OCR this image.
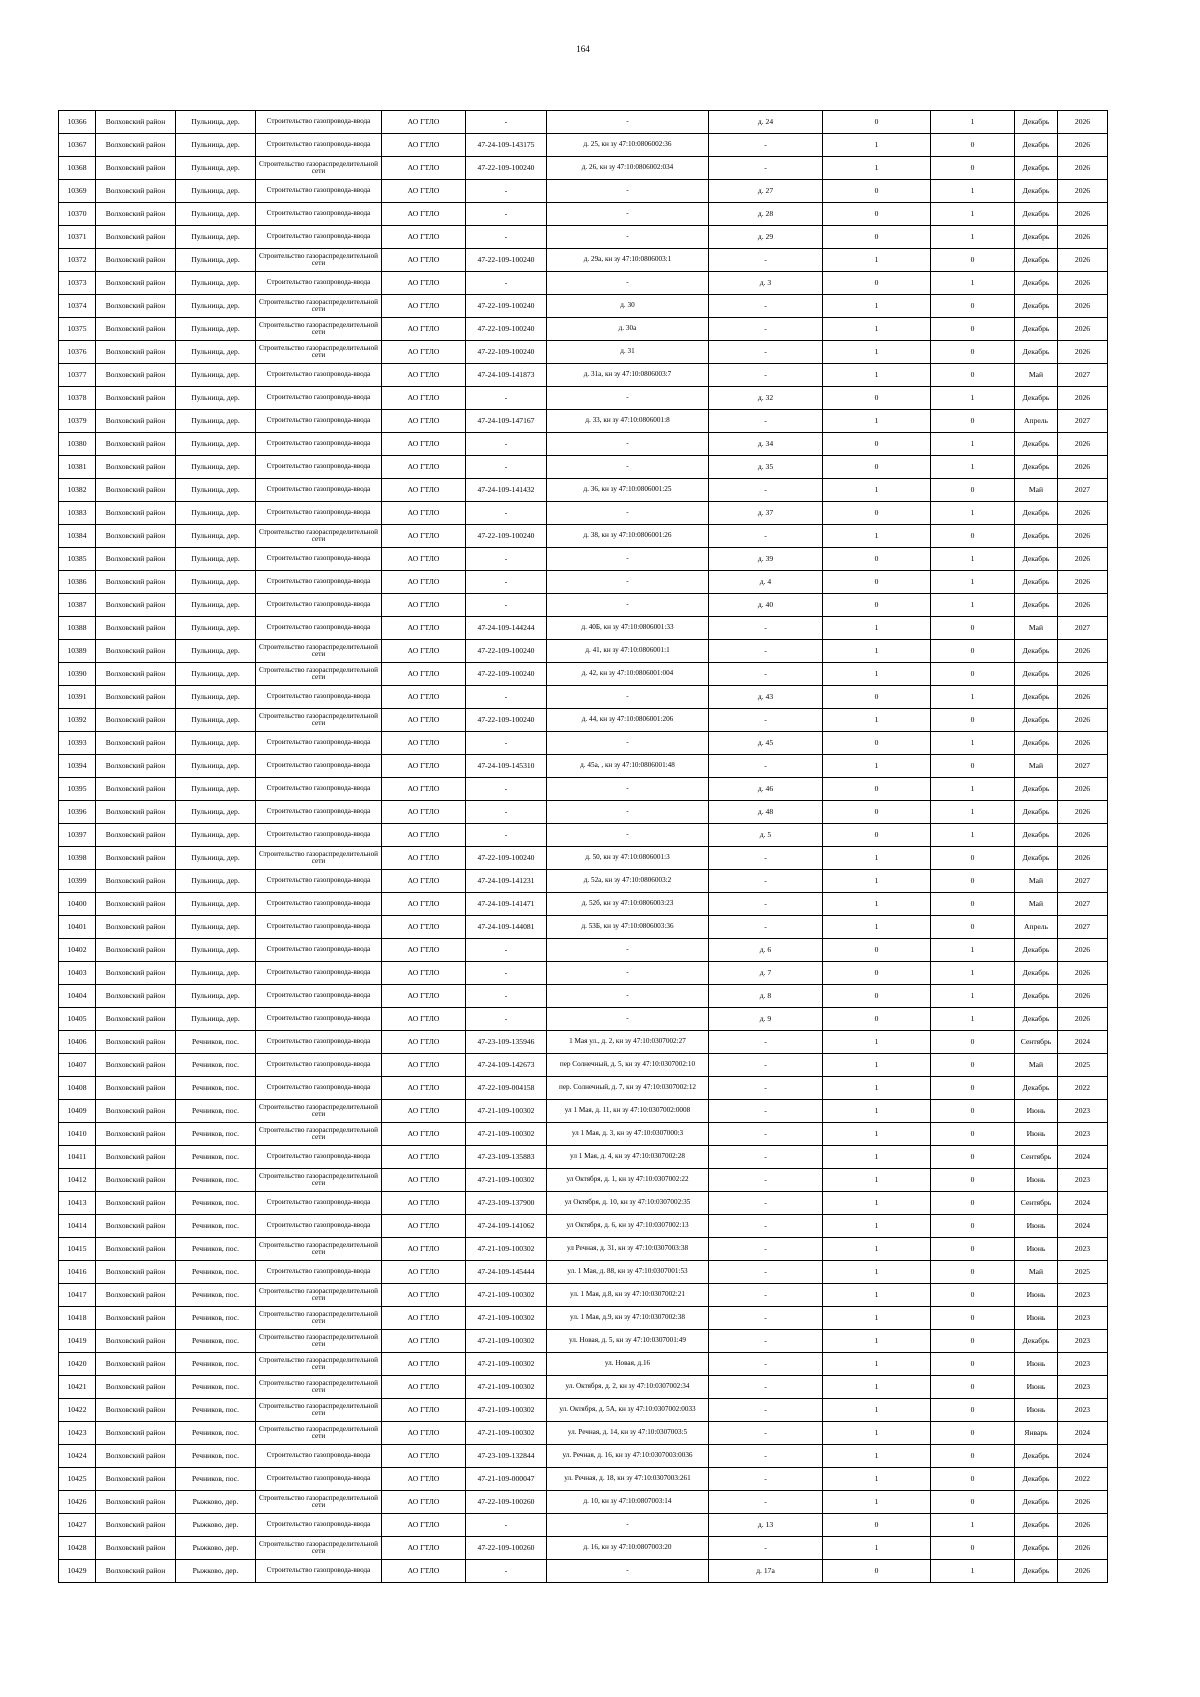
164
10366	Волховский район	Пульница, дер.	Строительство газопровода-ввода	АО ГТЛО	-	-	д. 24	0	1	Декабрь	2026
10367	Волховский район	Пульница, дер.	Строительство газопровода-ввода	АО ГТЛО	47-24-109-143175	д. 25, кн зу 47:10:0806002:36	-	1	0	Декабрь	2026
10368	Волховский район	Пульница, дер.	Строительство газораспределительной сети	АО ГТЛО	47-22-109-100240	д. 26, кн зу 47:10:0806002:034	-	1	0	Декабрь	2026
10369	Волховский район	Пульница, дер.	Строительство газопровода-ввода	АО ГТЛО	-	-	д. 27	0	1	Декабрь	2026
10370	Волховский район	Пульница, дер.	Строительство газопровода-ввода	АО ГТЛО	-	-	д. 28	0	1	Декабрь	2026
10371	Волховский район	Пульница, дер.	Строительство газопровода-ввода	АО ГТЛО	-	-	д. 29	0	1	Декабрь	2026
10372	Волховский район	Пульница, дер.	Строительство газораспределительной сети	АО ГТЛО	47-22-109-100240	д. 29а, кн зу 47:10:0806003:1	-	1	0	Декабрь	2026
10373	Волховский район	Пульница, дер.	Строительство газопровода-ввода	АО ГТЛО	-	-	д. 3	0	1	Декабрь	2026
10374	Волховский район	Пульница, дер.	Строительство газораспределительной сети	АО ГТЛО	47-22-109-100240	д. 30	-	1	0	Декабрь	2026
10375	Волховский район	Пульница, дер.	Строительство газораспределительной сети	АО ГТЛО	47-22-109-100240	д. 30а	-	1	0	Декабрь	2026
10376	Волховский район	Пульница, дер.	Строительство газораспределительной сети	АО ГТЛО	47-22-109-100240	д. 31	-	1	0	Декабрь	2026
10377	Волховский район	Пульница, дер.	Строительство газопровода-ввода	АО ГТЛО	47-24-109-141873	д. 31а, кн зу 47:10:0806003:7	-	1	0	Май	2027
10378	Волховский район	Пульница, дер.	Строительство газопровода-ввода	АО ГТЛО	-	-	д. 32	0	1	Декабрь	2026
10379	Волховский район	Пульница, дер.	Строительство газопровода-ввода	АО ГТЛО	47-24-109-147167	д. 33, кн зу 47:10:0806001:8	-	1	0	Апрель	2027
10380	Волховский район	Пульница, дер.	Строительство газопровода-ввода	АО ГТЛО	-	-	д. 34	0	1	Декабрь	2026
10381	Волховский район	Пульница, дер.	Строительство газопровода-ввода	АО ГТЛО	-	-	д. 35	0	1	Декабрь	2026
10382	Волховский район	Пульница, дер.	Строительство газопровода-ввода	АО ГТЛО	47-24-109-141432	д. 36, кн зу 47:10:0806001:25	-	1	0	Май	2027
10383	Волховский район	Пульница, дер.	Строительство газопровода-ввода	АО ГТЛО	-	-	д. 37	0	1	Декабрь	2026
10384	Волховский район	Пульница, дер.	Строительство газораспределительной сети	АО ГТЛО	47-22-109-100240	д. 38, кн зу 47:10:0806001:26	-	1	0	Декабрь	2026
10385	Волховский район	Пульница, дер.	Строительство газопровода-ввода	АО ГТЛО	-	-	д. 39	0	1	Декабрь	2026
10386	Волховский район	Пульница, дер.	Строительство газопровода-ввода	АО ГТЛО	-	-	д. 4	0	1	Декабрь	2026
10387	Волховский район	Пульница, дер.	Строительство газопровода-ввода	АО ГТЛО	-	-	д. 40	0	1	Декабрь	2026
10388	Волховский район	Пульница, дер.	Строительство газопровода-ввода	АО ГТЛО	47-24-109-144244	д. 40Б, кн зу 47:10:0806001:33	-	1	0	Май	2027
10389	Волховский район	Пульница, дер.	Строительство газораспределительной сети	АО ГТЛО	47-22-109-100240	д. 41, кн зу 47:10:0806001:1	-	1	0	Декабрь	2026
10390	Волховский район	Пульница, дер.	Строительство газораспределительной сети	АО ГТЛО	47-22-109-100240	д. 42, кн зу 47:10:0806001:004	-	1	0	Декабрь	2026
10391	Волховский район	Пульница, дер.	Строительство газопровода-ввода	АО ГТЛО	-	-	д. 43	0	1	Декабрь	2026
10392	Волховский район	Пульница, дер.	Строительство газораспределительной сети	АО ГТЛО	47-22-109-100240	д. 44, кн зу 47:10:0806001:206	-	1	0	Декабрь	2026
10393	Волховский район	Пульница, дер.	Строительство газопровода-ввода	АО ГТЛО	-	-	д. 45	0	1	Декабрь	2026
10394	Волховский район	Пульница, дер.	Строительство газопровода-ввода	АО ГТЛО	47-24-109-145310	д. 45а, , кн зу 47:10:0806001:48	-	1	0	Май	2027
10395	Волховский район	Пульница, дер.	Строительство газопровода-ввода	АО ГТЛО	-	-	д. 46	0	1	Декабрь	2026
10396	Волховский район	Пульница, дер.	Строительство газопровода-ввода	АО ГТЛО	-	-	д. 48	0	1	Декабрь	2026
10397	Волховский район	Пульница, дер.	Строительство газопровода-ввода	АО ГТЛО	-	-	д. 5	0	1	Декабрь	2026
10398	Волховский район	Пульница, дер.	Строительство газораспределительной сети	АО ГТЛО	47-22-109-100240	д. 50, кн зу 47:10:0806001:3	-	1	0	Декабрь	2026
10399	Волховский район	Пульница, дер.	Строительство газопровода-ввода	АО ГТЛО	47-24-109-141231	д. 52а, кн зу 47:10:0806003:2	-	1	0	Май	2027
10400	Волховский район	Пульница, дер.	Строительство газопровода-ввода	АО ГТЛО	47-24-109-141471	д. 52б, кн зу 47:10:0806003:23	-	1	0	Май	2027
10401	Волховский район	Пульница, дер.	Строительство газопровода-ввода	АО ГТЛО	47-24-109-144081	д. 53Б, кн зу 47:10:0806003:36	-	1	0	Апрель	2027
10402	Волховский район	Пульница, дер.	Строительство газопровода-ввода	АО ГТЛО	-	-	д. 6	0	1	Декабрь	2026
10403	Волховский район	Пульница, дер.	Строительство газопровода-ввода	АО ГТЛО	-	-	д. 7	0	1	Декабрь	2026
10404	Волховский район	Пульница, дер.	Строительство газопровода-ввода	АО ГТЛО	-	-	д. 8	0	1	Декабрь	2026
10405	Волховский район	Пульница, дер.	Строительство газопровода-ввода	АО ГТЛО	-	-	д. 9	0	1	Декабрь	2026
10406	Волховский район	Речников, пос.	Строительство газопровода-ввода	АО ГТЛО	47-23-109-135946	1 Мая ул., д. 2, кн зу 47:10:0307002:27	-	1	0	Сентябрь	2024
10407	Волховский район	Речников, пос.	Строительство газопровода-ввода	АО ГТЛО	47-24-109-142673	пер Солнечный, д. 5, кн зу 47:10:0307002:10	-	1	0	Май	2025
10408	Волховский район	Речников, пос.	Строительство газопровода-ввода	АО ГТЛО	47-22-109-004158	пер. Солнечный, д. 7, кн зу 47:10:0307002:12	-	1	0	Декабрь	2022
10409	Волховский район	Речников, пос.	Строительство газораспределительной сети	АО ГТЛО	47-21-109-100302	ул 1 Мая, д. 11, кн зу 47:10:0307002:0008	-	1	0	Июнь	2023
10410	Волховский район	Речников, пос.	Строительство газораспределительной сети	АО ГТЛО	47-21-109-100302	ул 1 Мая, д. 3, кн зу 47:10:0307000:3	-	1	0	Июнь	2023
10411	Волховский район	Речников, пос.	Строительство газопровода-ввода	АО ГТЛО	47-23-109-135883	ул 1 Мая, д. 4, кн зу 47:10:0307002:28	-	1	0	Сентябрь	2024
10412	Волховский район	Речников, пос.	Строительство газораспределительной сети	АО ГТЛО	47-21-109-100302	ул Октября, д. 1, кн зу 47:10:0307002:22	-	1	0	Июнь	2023
10413	Волховский район	Речников, пос.	Строительство газопровода-ввода	АО ГТЛО	47-23-109-137900	ул Октября, д. 10, кн зу 47:10:0307002:35	-	1	0	Сентябрь	2024
10414	Волховский район	Речников, пос.	Строительство газопровода-ввода	АО ГТЛО	47-24-109-141062	ул Октября, д. 6, кн зу 47:10:0307002:13	-	1	0	Июнь	2024
10415	Волховский район	Речников, пос.	Строительство газораспределительной сети	АО ГТЛО	47-21-109-100302	ул Речная, д. 31, кн зу 47:10:0307003:38	-	1	0	Июнь	2023
10416	Волховский район	Речников, пос.	Строительство газопровода-ввода	АО ГТЛО	47-24-109-145444	ул. 1 Мая, д. 88, кн зу 47:10:0307001:53	-	1	0	Май	2025
10417	Волховский район	Речников, пос.	Строительство газораспределительной сети	АО ГТЛО	47-21-109-100302	ул. 1 Мая, д.8, кн зу 47:10:0307002:21	-	1	0	Июнь	2023
10418	Волховский район	Речников, пос.	Строительство газораспределительной сети	АО ГТЛО	47-21-109-100302	ул. 1 Мая, д.9, кн зу 47:10:0307002:38	-	1	0	Июнь	2023
10419	Волховский район	Речников, пос.	Строительство газораспределительной сети	АО ГТЛО	47-21-109-100302	ул. Новая, д. 5, кн зу 47:10:0307001:49	-	1	0	Декабрь	2023
10420	Волховский район	Речников, пос.	Строительство газораспределительной сети	АО ГТЛО	47-21-109-100302	ул. Новая, д.16	-	1	0	Июнь	2023
10421	Волховский район	Речников, пос.	Строительство газораспределительной сети	АО ГТЛО	47-21-109-100302	ул. Октября, д. 2, кн зу 47:10:0307002:34	-	1	0	Июнь	2023
10422	Волховский район	Речников, пос.	Строительство газораспределительной сети	АО ГТЛО	47-21-109-100302	ул. Октября, д. 5А, кн зу 47:10:0307002:0033	-	1	0	Июнь	2023
10423	Волховский район	Речников, пос.	Строительство газораспределительной сети	АО ГТЛО	47-21-109-100302	ул. Речная, д. 14, кн зу 47:10:0307003:5	-	1	0	Январь	2024
10424	Волховский район	Речников, пос.	Строительство газопровода-ввода	АО ГТЛО	47-23-109-132844	ул. Речная, д. 16, кн зу 47:10:0307003:0036	-	1	0	Декабрь	2024
10425	Волховский район	Речников, пос.	Строительство газопровода-ввода	АО ГТЛО	47-21-109-000047	ул. Речная, д. 18, кн зу 47:10:0307003:261	-	1	0	Декабрь	2022
10426	Волховский район	Рыжково, дер.	Строительство газораспределительной сети	АО ГТЛО	47-22-109-100260	д. 10, кн зу 47:10:0807003:14	-	1	0	Декабрь	2026
10427	Волховский район	Рыжково, дер.	Строительство газопровода-ввода	АО ГТЛО	-	-	д. 13	0	1	Декабрь	2026
10428	Волховский район	Рыжково, дер.	Строительство газораспределительной сети	АО ГТЛО	47-22-109-100260	д. 16, кн зу 47:10:0807003:20	-	1	0	Декабрь	2026
10429	Волховский район	Рыжково, дер.	Строительство газопровода-ввода	АО ГТЛО	-	-	д. 17а	0	1	Декабрь	2026
